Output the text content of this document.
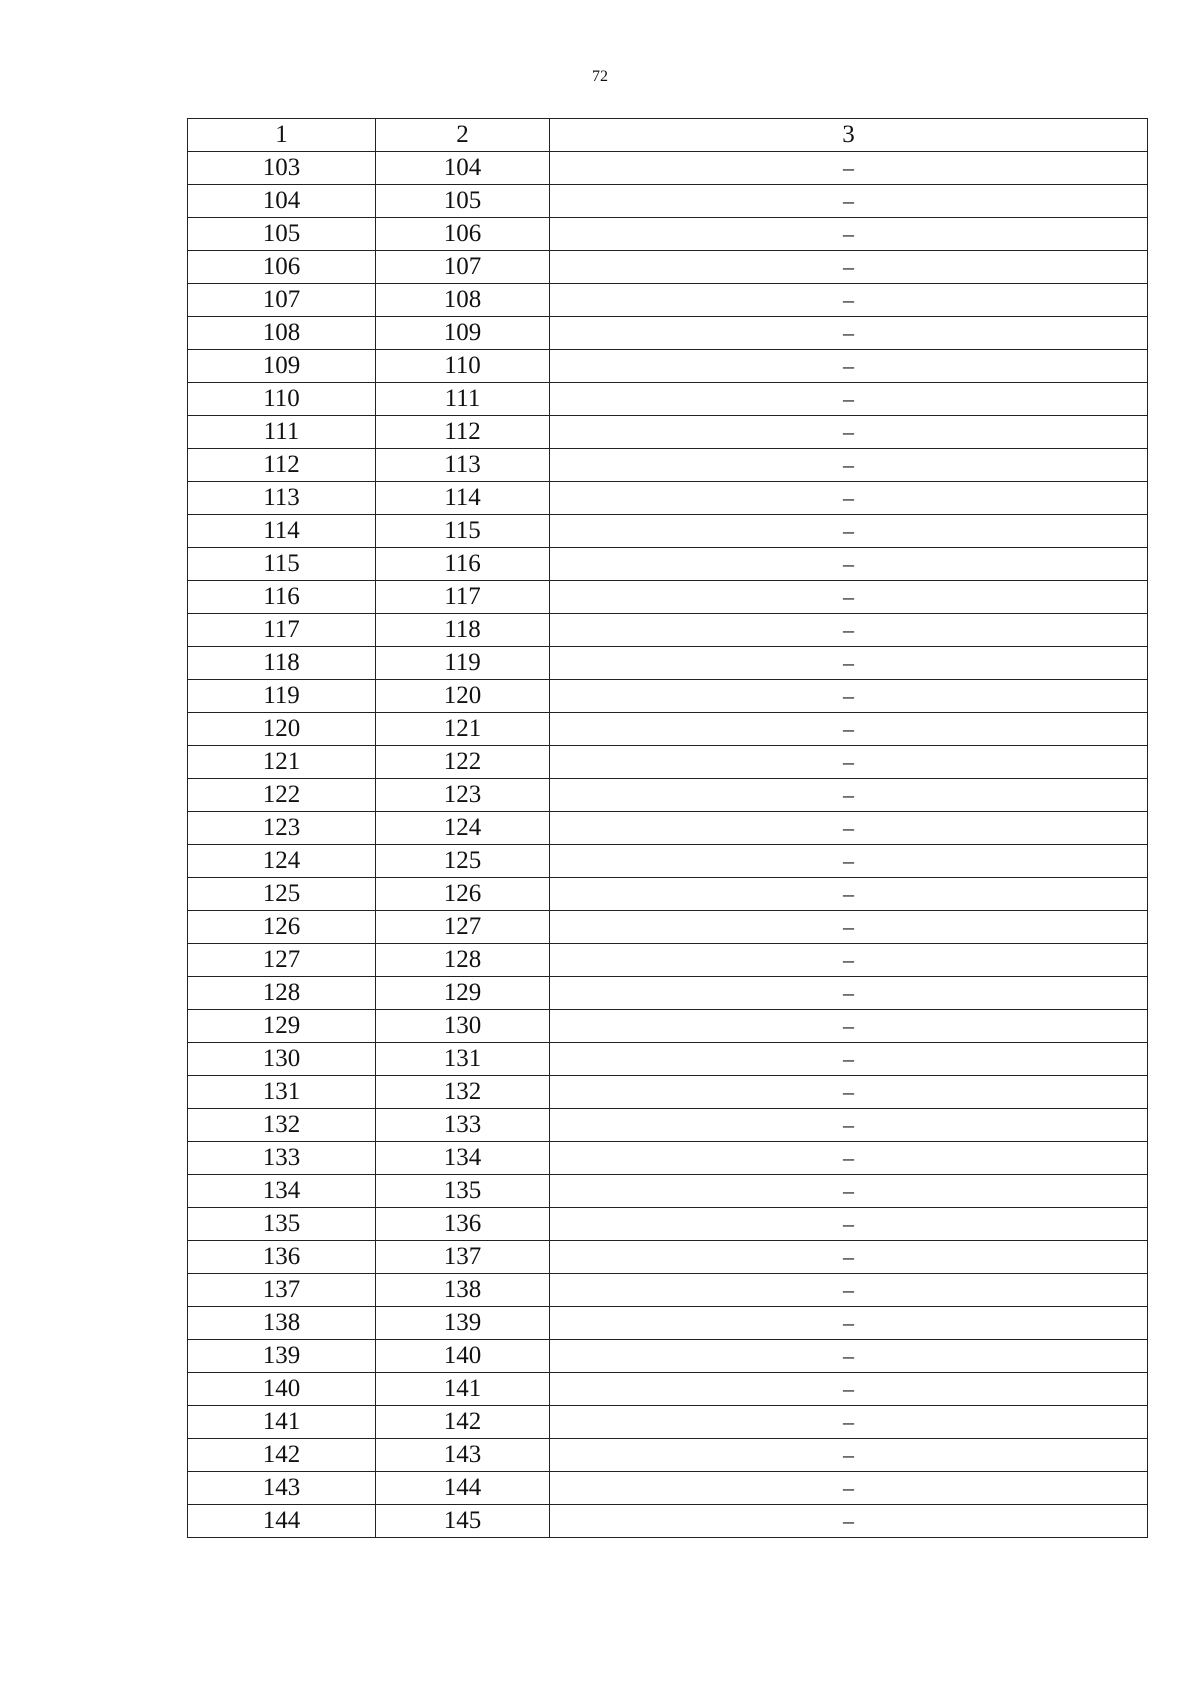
72
1	2	3
103	104	–
104	105	–
105	106	–
106	107	–
107	108	–
108	109	–
109	110	–
110	111	–
111	112	–
112	113	–
113	114	–
114	115	–
115	116	–
116	117	–
117	118	–
118	119	–
119	120	–
120	121	–
121	122	–
122	123	–
123	124	–
124	125	–
125	126	–
126	127	–
127	128	–
128	129	–
129	130	–
130	131	–
131	132	–
132	133	–
133	134	–
134	135	–
135	136	–
136	137	–
137	138	–
138	139	–
139	140	–
140	141	–
141	142	–
142	143	–
143	144	–
144	145	–
